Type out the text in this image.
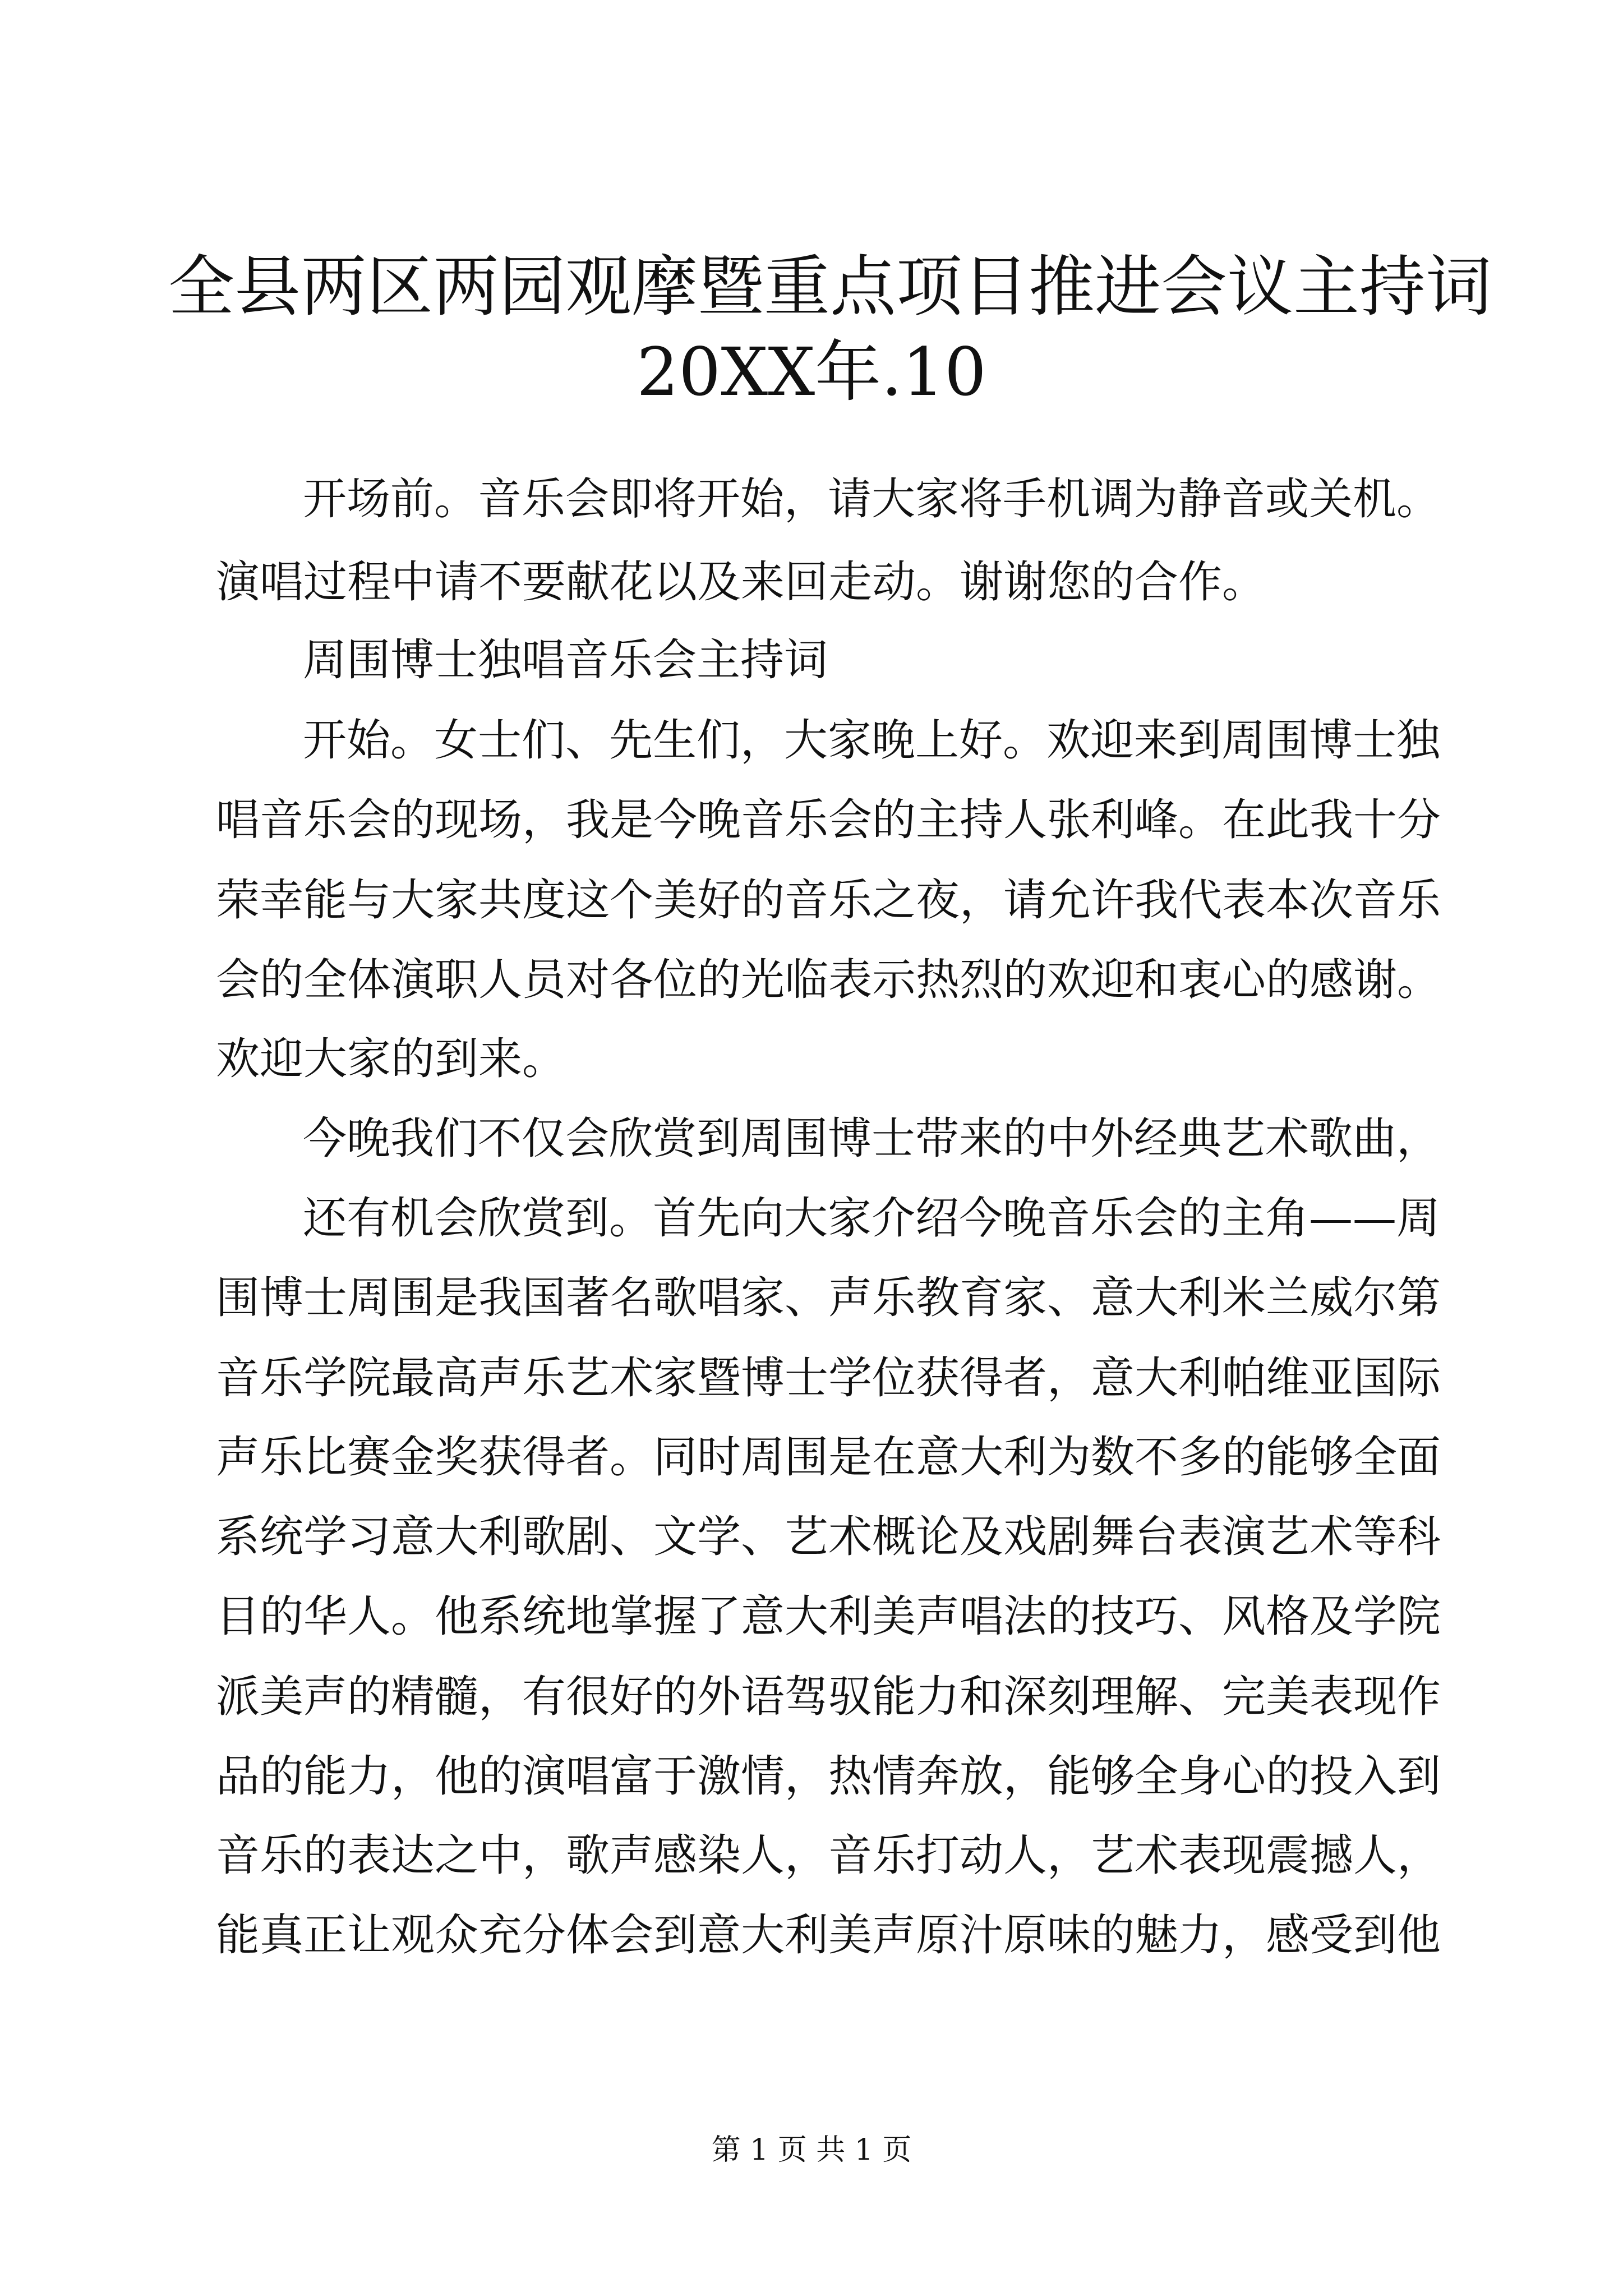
全县两区两园观摩暨重点项目推进会议主持词
20XX年.10

开场前。音乐会即将开始，请大家将手机调为静音或关机。

演唱过程中请不要献花以及来回走动。谢谢您的合作。

周围博士独唱音乐会主持词

开始。女士们、先生们，大家晚上好。欢迎来到周围博士独

唱音乐会的现场，我是今晚音乐会的主持人张利峰。在此我十分

荣幸能与大家共度这个美好的音乐之夜，请允许我代表本次音乐

会的全体演职人员对各位的光临表示热烈的欢迎和衷心的感谢。

欢迎大家的到来。

今晚我们不仅会欣赏到周围博士带来的中外经典艺术歌曲，

还有机会欣赏到。首先向大家介绍今晚音乐会的主角——周

围博士周围是我国著名歌唱家、声乐教育家、意大利米兰威尔第

音乐学院最高声乐艺术家暨博士学位获得者，意大利帕维亚国际

声乐比赛金奖获得者。同时周围是在意大利为数不多的能够全面

系统学习意大利歌剧、文学、艺术概论及戏剧舞台表演艺术等科

目的华人。他系统地掌握了意大利美声唱法的技巧、风格及学院

派美声的精髓，有很好的外语驾驭能力和深刻理解、完美表现作

品的能力，他的演唱富于激情，热情奔放，能够全身心的投入到

音乐的表达之中，歌声感染人，音乐打动人，艺术表现震撼人，

能真正让观众充分体会到意大利美声原汁原味的魅力，感受到他

第 1 页 共 1 页
